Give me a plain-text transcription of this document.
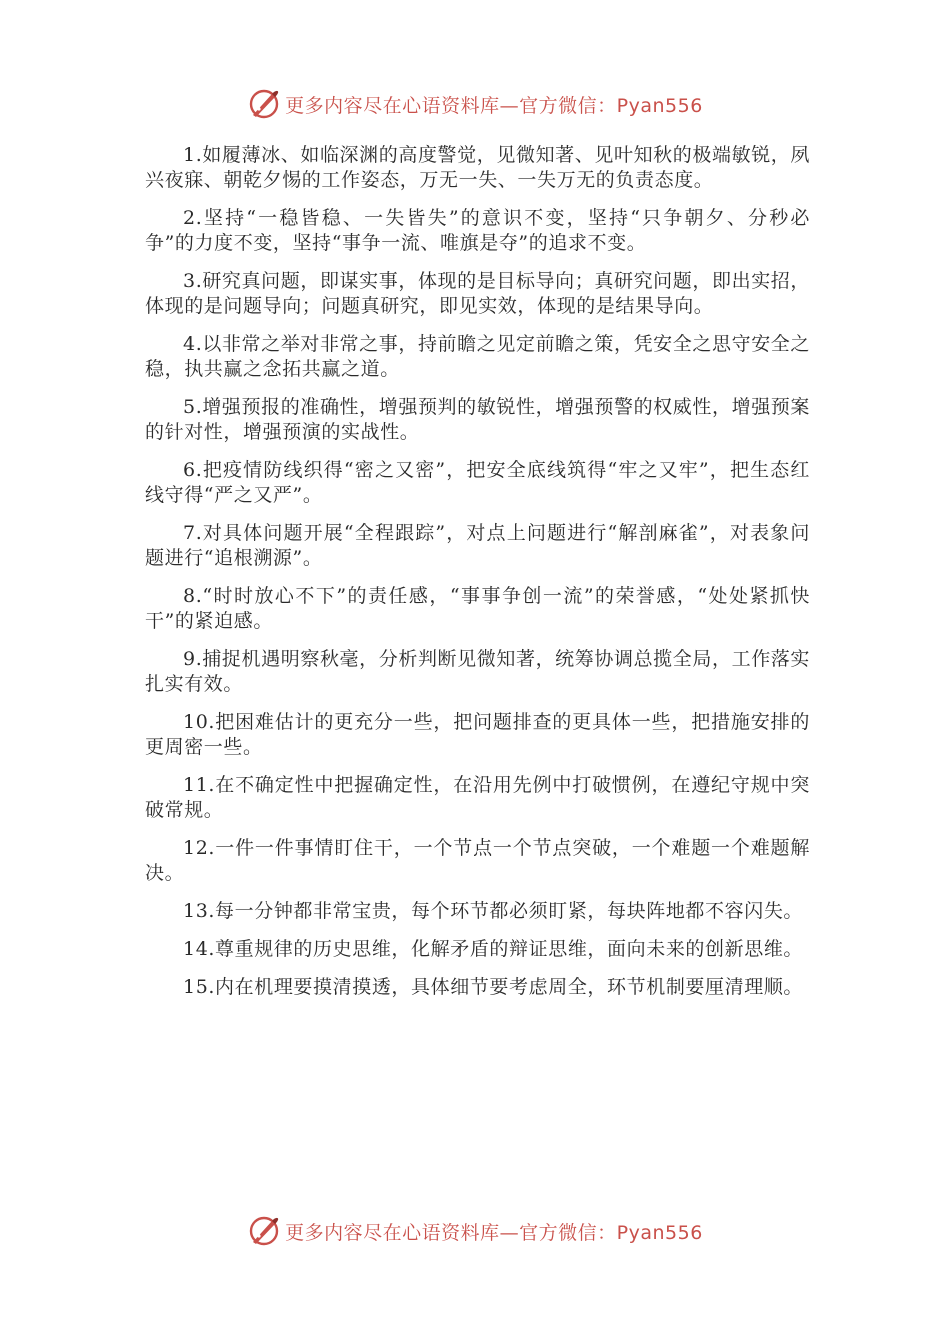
更多内容尽在心语资料库—官方微信：Pyan556

1.如履薄冰、如临深渊的高度警觉，见微知著、见叶知秋的极端敏锐，夙兴夜寐、朝乾夕惕的工作姿态，万无一失、一失万无的负责态度。

2.坚持“一稳皆稳、一失皆失”的意识不变，坚持“只争朝夕、分秒必争”的力度不变，坚持“事争一流、唯旗是夺”的追求不变。

3.研究真问题，即谋实事，体现的是目标导向；真研究问题，即出实招，体现的是问题导向；问题真研究，即见实效，体现的是结果导向。

4.以非常之举对非常之事，持前瞻之见定前瞻之策，凭安全之思守安全之稳，执共赢之念拓共赢之道。

5.增强预报的准确性，增强预判的敏锐性，增强预警的权威性，增强预案的针对性，增强预演的实战性。

6.把疫情防线织得“密之又密”，把安全底线筑得“牢之又牢”，把生态红线守得“严之又严”。

7.对具体问题开展“全程跟踪”，对点上问题进行“解剖麻雀”，对表象问题进行“追根溯源”。

8.“时时放心不下”的责任感，“事事争创一流”的荣誉感，“处处紧抓快干”的紧迫感。

9.捕捉机遇明察秋毫，分析判断见微知著，统筹协调总揽全局，工作落实扎实有效。

10.把困难估计的更充分一些，把问题排查的更具体一些，把措施安排的更周密一些。

11.在不确定性中把握确定性，在沿用先例中打破惯例，在遵纪守规中突破常规。

12.一件一件事情盯住干，一个节点一个节点突破，一个难题一个难题解决。

13.每一分钟都非常宝贵，每个环节都必须盯紧，每块阵地都不容闪失。

14.尊重规律的历史思维，化解矛盾的辩证思维，面向未来的创新思维。

15.内在机理要摸清摸透，具体细节要考虑周全，环节机制要厘清理顺。

更多内容尽在心语资料库—官方微信：Pyan556
